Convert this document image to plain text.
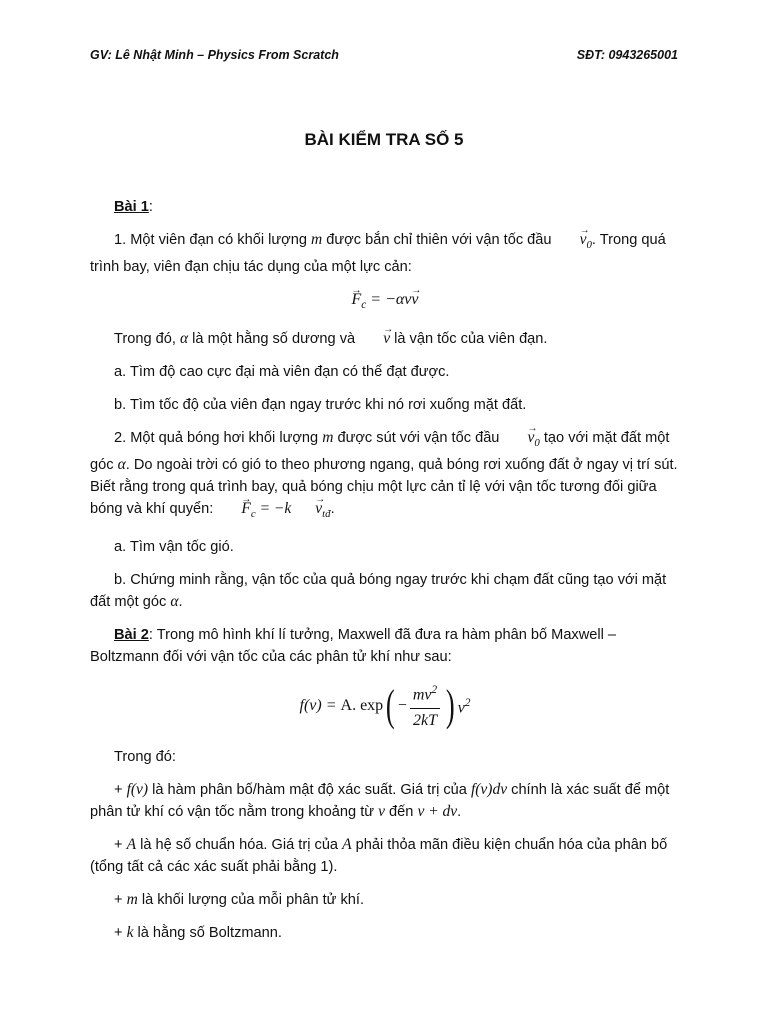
GV: Lê Nhật Minh – Physics From Scratch	SĐT: 0943265001
BÀI KIỂM TRA SỐ 5

Bài 1:

1. Một viên đạn có khối lượng m được bắn chỉ thiên với vận tốc đầu → $v_0$. Trong quá trình bay, viên đạn chịu tác dụng của một lực cản:

→ $F_c = -\alpha v\to v$

Trong đó, α là một hằng số dương và → v là vận tốc của viên đạn.

a. Tìm độ cao cực đại mà viên đạn có thể đạt được.

b. Tìm tốc độ của viên đạn ngay trước khi nó rơi xuống mặt đất.

2. Một quả bóng hơi khối lượng m được sút với vận tốc đầu → $v_0$ tạo với mặt đất một góc α. Do ngoài trời có gió to theo phương ngang, quả bóng rơi xuống đất ở ngay vị trí sút. Biết rằng trong quá trình bay, quả bóng chịu một lực cản tỉ lệ với vận tốc tương đối giữa bóng và khí quyển: → $F_c = -k\to v_{tđ}$.

a. Tìm vận tốc gió.

b. Chứng minh rằng, vận tốc của quả bóng ngay trước khi chạm đất cũng tạo với mặt đất một góc α.

Bài 2: Trong mô hình khí lí tưởng, Maxwell đã đưa ra hàm phân bố Maxwell – Boltzmann đối với vận tốc của các phân tử khí như sau:

f(v) =
A. exp ( − $\frac{mv^2}{2kT}$ ) $v^2$

Trong đó:

+ f(v) là hàm phân bố/hàm mật độ xác suất. Giá trị của f(v)dv chính là xác suất để một phân tử khí có vận tốc nằm trong khoảng từ v đến v + dv.

+ A là hệ số chuẩn hóa. Giá trị của A phải thỏa mãn điều kiện chuẩn hóa của phân bố (tổng tất cả các xác suất phải bằng 1).

+ m là khối lượng của mỗi phân tử khí.

+ k là hằng số Boltzmann.
